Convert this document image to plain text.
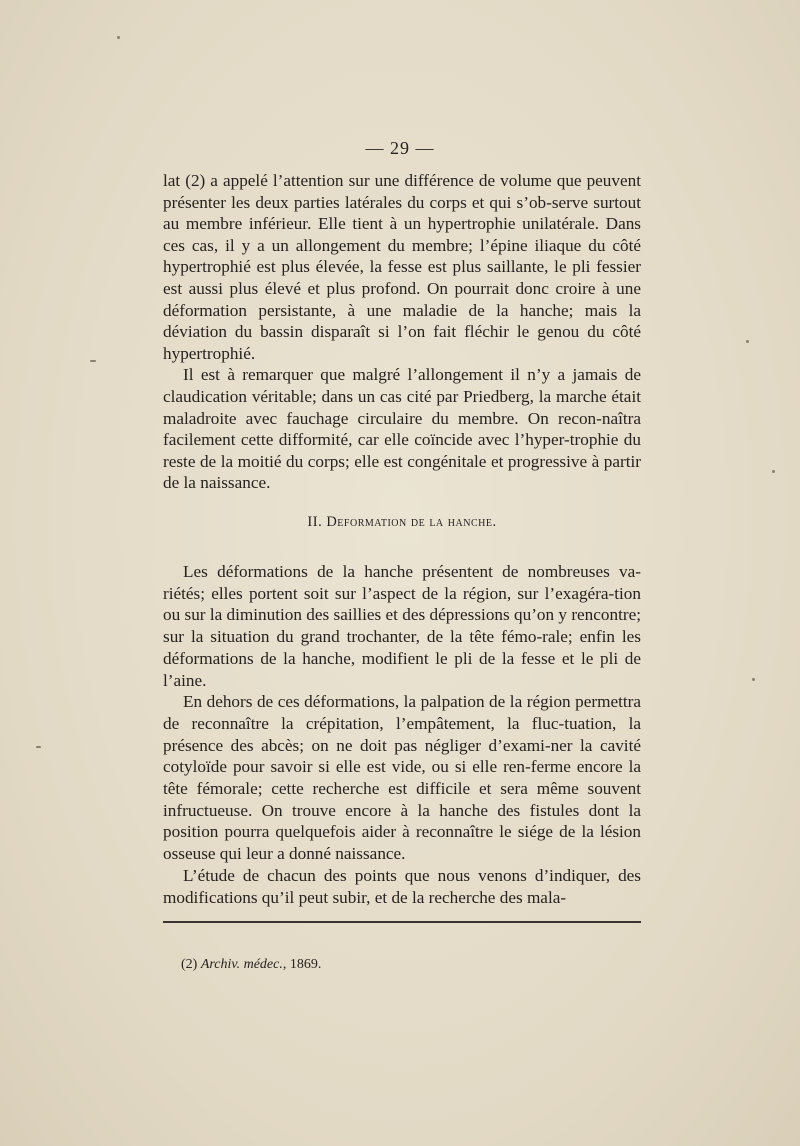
— 29 —

lat (2) a appelé l’attention sur une différence de volume que peuvent présenter les deux parties latérales du corps et qui s’ob-serve surtout au membre inférieur. Elle tient à un hypertrophie unilatérale. Dans ces cas, il y a un allongement du membre; l’épine iliaque du côté hypertrophié est plus élevée, la fesse est plus saillante, le pli fessier est aussi plus élevé et plus profond. On pourrait donc croire à une déformation persistante, à une maladie de la hanche; mais la déviation du bassin disparaît si l’on fait fléchir le genou du côté hypertrophié.

Il est à remarquer que malgré l’allongement il n’y a jamais de claudication véritable; dans un cas cité par Priedberg, la marche était maladroite avec fauchage circulaire du membre. On recon-naîtra facilement cette difformité, car elle coïncide avec l’hyper-trophie du reste de la moitié du corps; elle est congénitale et progressive à partir de la naissance.

II. Deformation de la hanche.

Les déformations de la hanche présentent de nombreuses va-riétés; elles portent soit sur l’aspect de la région, sur l’exagéra-tion ou sur la diminution des saillies et des dépressions qu’on y rencontre; sur la situation du grand trochanter, de la tête fémo-rale; enfin les déformations de la hanche, modifient le pli de la fesse et le pli de l’aine.

En dehors de ces déformations, la palpation de la région permettra de reconnaître la crépitation, l’empâtement, la fluc-tuation, la présence des abcès; on ne doit pas négliger d’exami-ner la cavité cotyloïde pour savoir si elle est vide, ou si elle ren-ferme encore la tête fémorale; cette recherche est difficile et sera même souvent infructueuse. On trouve encore à la hanche des fistules dont la position pourra quelquefois aider à reconnaître le siége de la lésion osseuse qui leur a donné naissance.

L’étude de chacun des points que nous venons d’indiquer, des modifications qu’il peut subir, et de la recherche des mala-

(2) Archiv. médec., 1869.
